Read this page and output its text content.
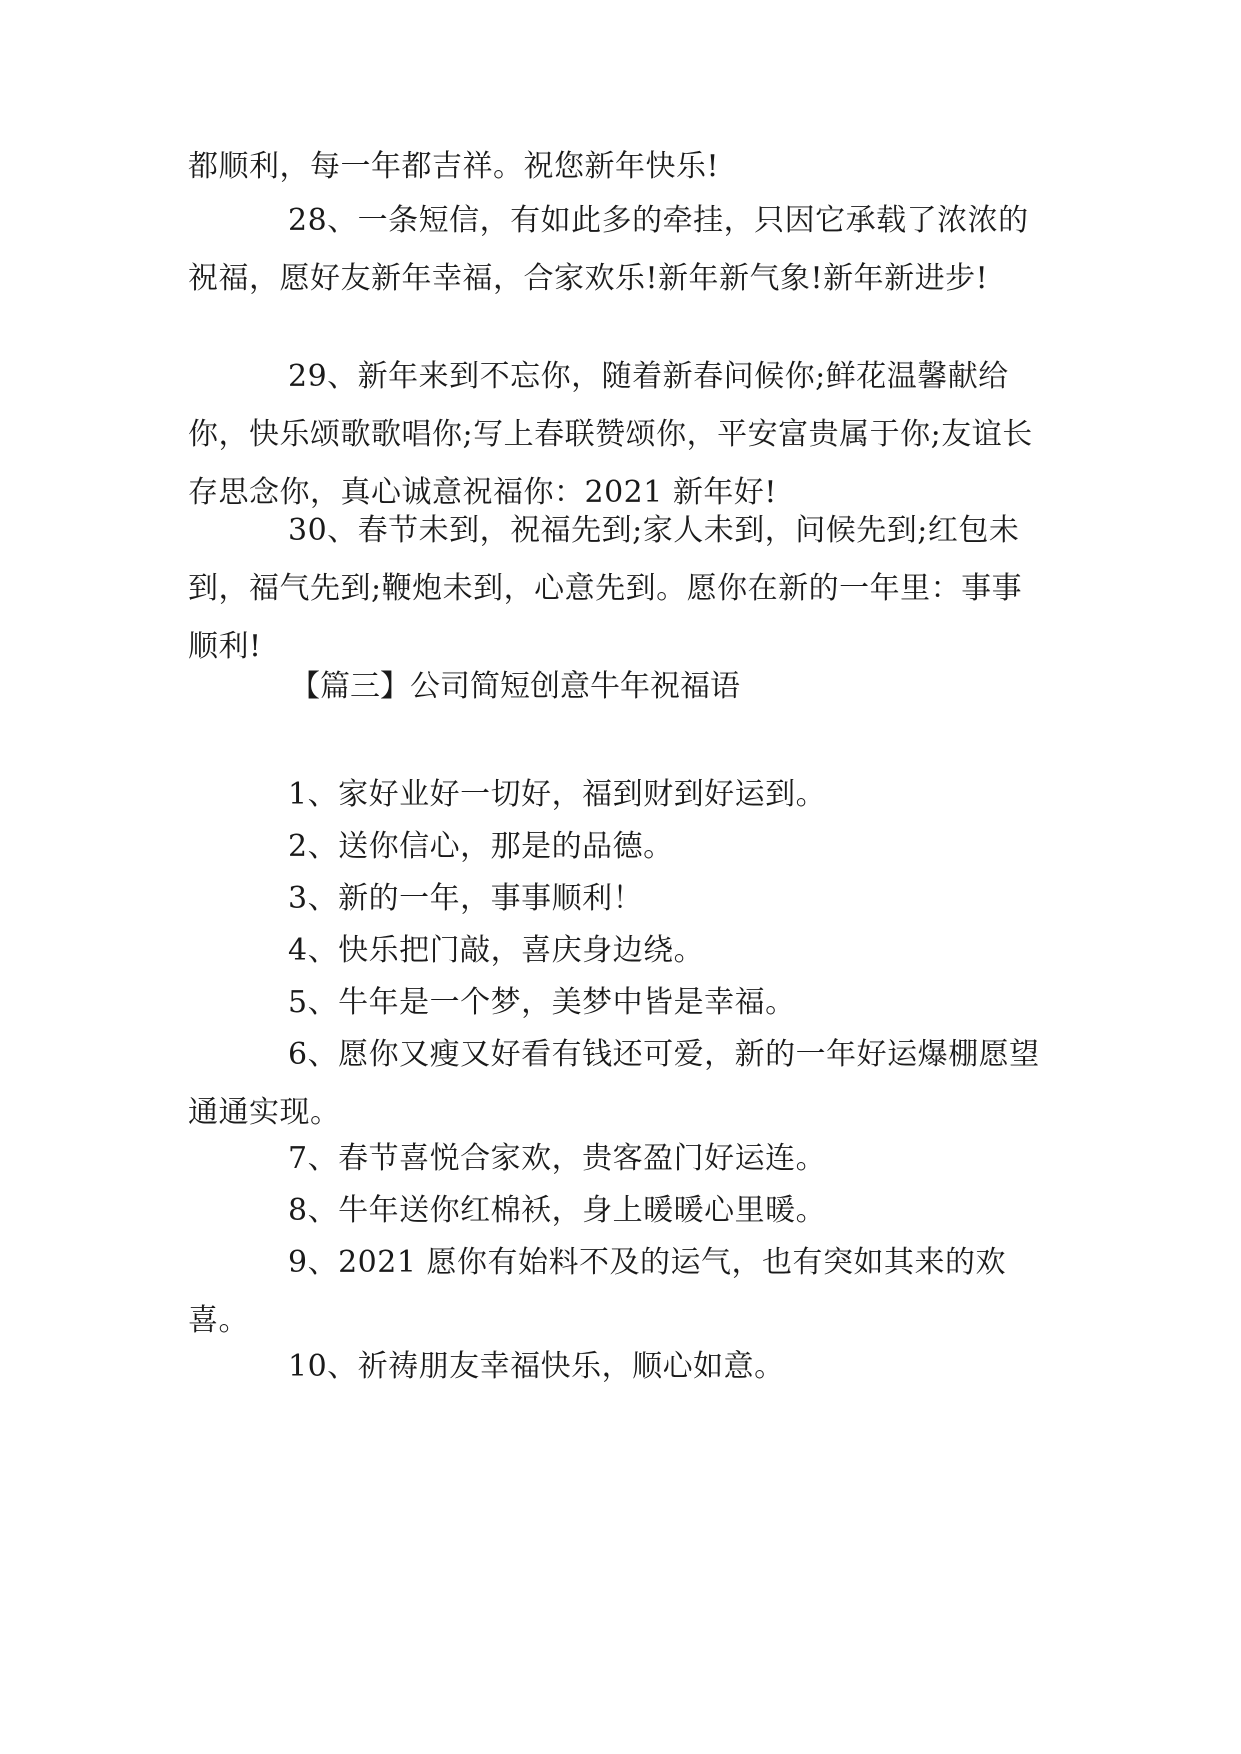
都顺利，每一年都吉祥。祝您新年快乐!

28、一条短信，有如此多的牵挂，只因它承载了浓浓的祝福，愿好友新年幸福，合家欢乐!新年新气象!新年新进步!

29、新年来到不忘你，随着新春问候你;鲜花温馨献给你，快乐颂歌歌唱你;写上春联赞颂你，平安富贵属于你;友谊长存思念你，真心诚意祝福你：2021 新年好!

30、春节未到，祝福先到;家人未到，问候先到;红包未到，福气先到;鞭炮未到，心意先到。愿你在新的一年里：事事顺利!

【篇三】公司简短创意牛年祝福语

1、家好业好一切好，福到财到好运到。

2、送你信心，那是的品德。

3、新的一年，事事顺利！

4、快乐把门敲，喜庆身边绕。

5、牛年是一个梦，美梦中皆是幸福。

6、愿你又瘦又好看有钱还可爱，新的一年好运爆棚愿望通通实现。

7、春节喜悦合家欢，贵客盈门好运连。

8、牛年送你红棉袄，身上暖暖心里暖。

9、2021 愿你有始料不及的运气，也有突如其来的欢喜。

10、祈祷朋友幸福快乐，顺心如意。
